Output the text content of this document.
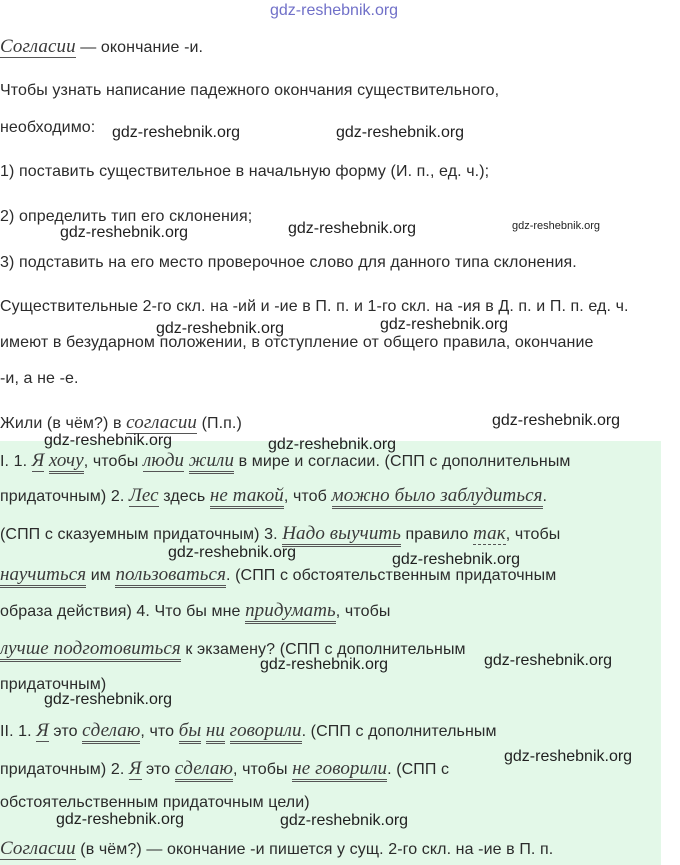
gdz-reshebnik.org
Согласии — окончание -и.
Чтобы узнать написание падежного окончания существительного,
необходимо:
1) поставить существительное в начальную форму (И. п., ед. ч.);
2) определить тип его склонения;
3) подставить на его место проверочное слово для данного типа склонения.
Существительные 2-го скл. на -ий и -ие в П. п. и 1-го скл. на -ия в Д. п. и П. п. ед. ч.
имеют в безударном положении, в отступление от общего правила, окончание
-и, а не -е.
Жили (в чём?) в согласии (П.п.)
I. 1. Я хочу, чтобы люди жили в мире и согласии. (СПП с дополнительным
придаточным) 2. Лес здесь не такой, чтоб можно было заблудиться.
(СПП с сказуемным придаточным) 3. Надо выучить правило так, чтобы
научиться им пользоваться. (СПП с обстоятельственным придаточным
образа действия) 4. Что бы мне придумать, чтобы
лучше подготовиться к экзамену? (СПП с дополнительным
придаточным)
II. 1. Я это сделаю, что бы ни говорили. (СПП с дополнительным
придаточным) 2. Я это сделаю, чтобы не говорили. (СПП с
обстоятельственным придаточным цели)
Согласии (в чём?) — окончание -и пишется у сущ. 2-го скл. на -ие в П. п.
gdz-reshebnik.org	gdz-reshebnik.org
gdz-reshebnik.org	gdz-reshebnik.org	gdz-reshebnik.org
gdz-reshebnik.org	gdz-reshebnik.org
gdz-reshebnik.org
gdz-reshebnik.org	gdz-reshebnik.org
gdz-reshebnik.org	gdz-reshebnik.org
gdz-reshebnik.org	gdz-reshebnik.org
gdz-reshebnik.org
gdz-reshebnik.org
gdz-reshebnik.org	gdz-reshebnik.org
